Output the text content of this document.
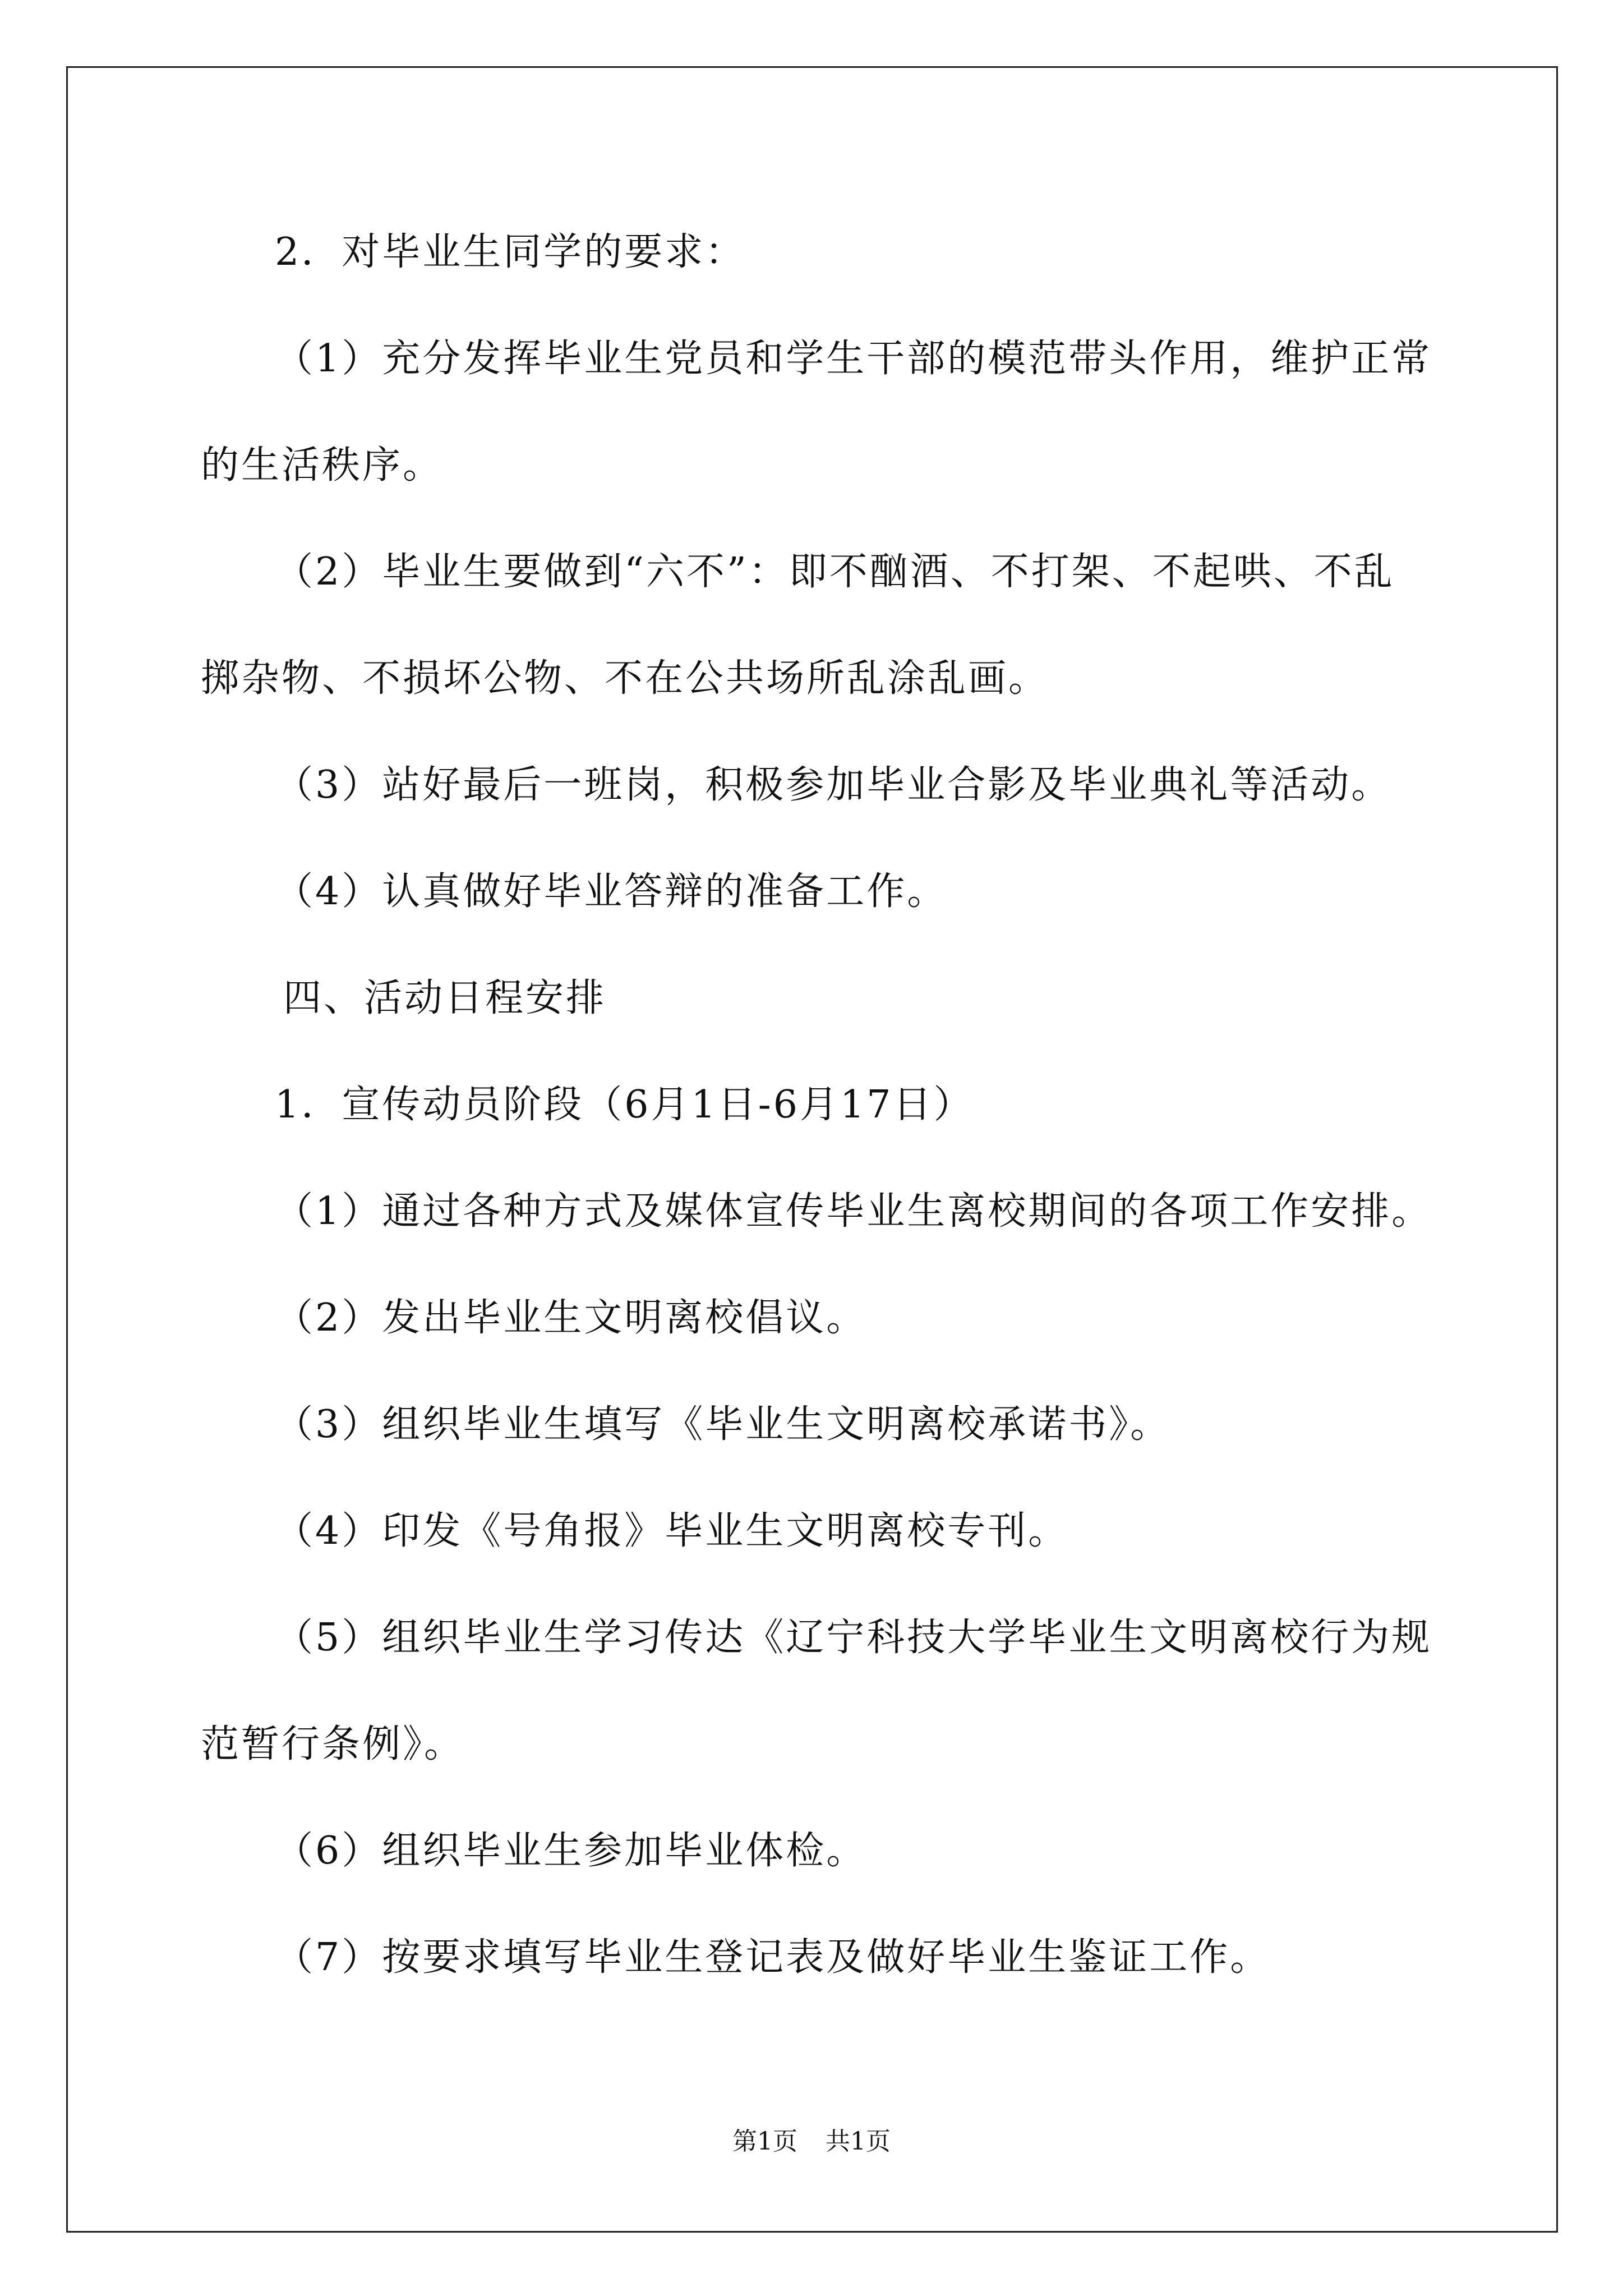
2．对毕业生同学的要求：
（1）充分发挥毕业生党员和学生干部的模范带头作用，维护正常
的生活秩序。
（2）毕业生要做到“六不”：即不酗酒、不打架、不起哄、不乱
掷杂物、不损坏公物、不在公共场所乱涂乱画。
（3）站好最后一班岗，积极参加毕业合影及毕业典礼等活动。
（4）认真做好毕业答辩的准备工作。
四、活动日程安排
1．宣传动员阶段（6月1日-6月17日）
（1）通过各种方式及媒体宣传毕业生离校期间的各项工作安排。
（2）发出毕业生文明离校倡议。
（3）组织毕业生填写《毕业生文明离校承诺书》。
（4）印发《号角报》毕业生文明离校专刊。
（5）组织毕业生学习传达《辽宁科技大学毕业生文明离校行为规
范暂行条例》。
（6）组织毕业生参加毕业体检。
（7）按要求填写毕业生登记表及做好毕业生鉴证工作。
第1页 共1页
